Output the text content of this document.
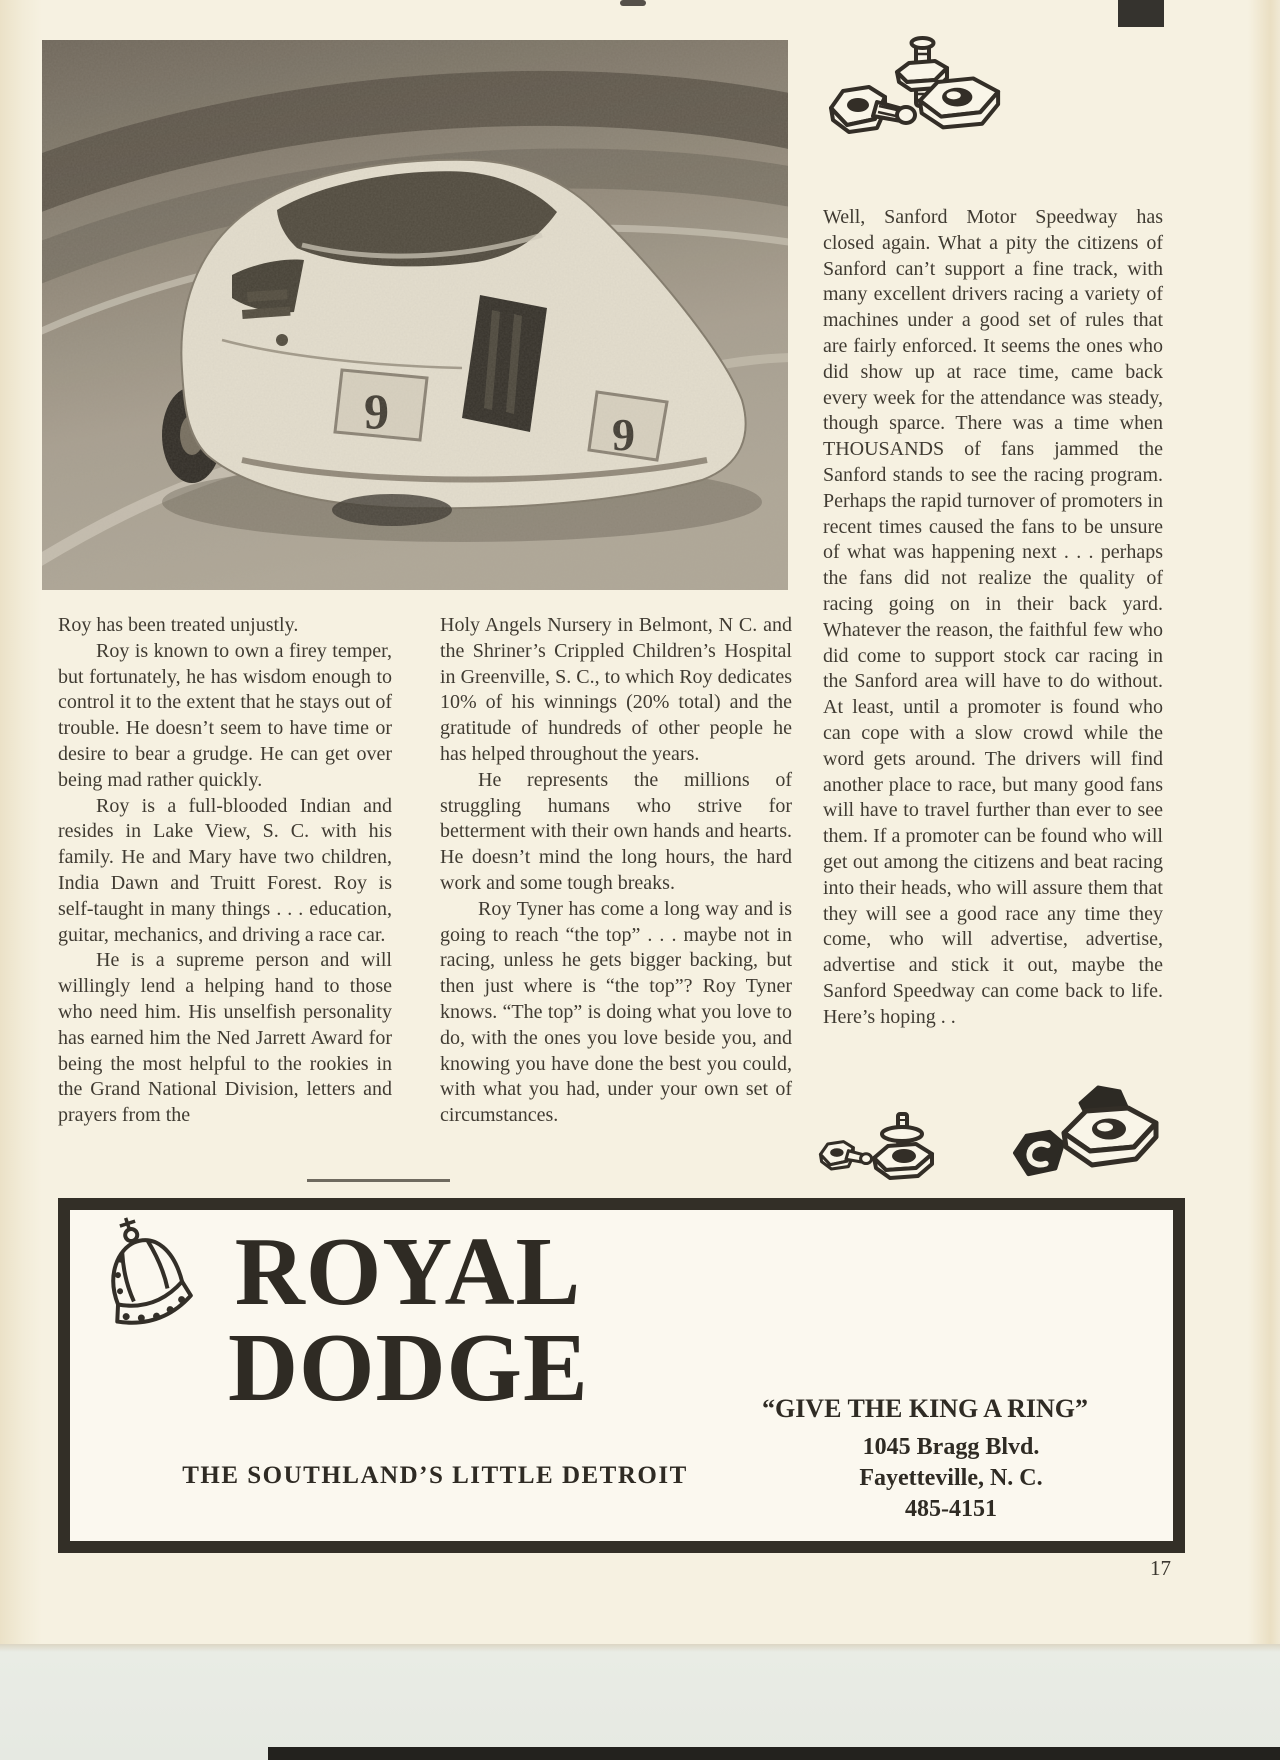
9	9

Roy has been treated unjustly.

Roy is known to own a firey temper, but fortunately, he has wisdom enough to control it to the extent that he stays out of trouble. He doesn’t seem to have time or desire to bear a grudge. He can get over being mad rather quickly.

Roy is a full-blooded Indian and resides in Lake View, S. C. with his family. He and Mary have two children, India Dawn and Truitt Forest. Roy is self-taught in many things . . . education, guitar, mechanics, and driving a race car.

He is a supreme person and will willingly lend a helping hand to those who need him. His unselfish personality has earned him the Ned Jarrett Award for being the most helpful to the rookies in the Grand National Division, letters and prayers from the

Holy Angels Nursery in Belmont, N C. and the Shriner’s Crippled Children’s Hospital in Greenville, S. C., to which Roy dedicates 10% of his winnings (20% total) and the gratitude of hundreds of other people he has helped throughout the years.

He represents the millions of struggling humans who strive for betterment with their own hands and hearts. He doesn’t mind the long hours, the hard work and some tough breaks.

Roy Tyner has come a long way and is going to reach “the top” . . . maybe not in racing, unless he gets bigger backing, but then just where is “the top”? Roy Tyner knows. “The top” is doing what you love to do, with the ones you love beside you, and knowing you have done the best you could, with what you had, under your own set of circumstances.

Well, Sanford Motor Speedway has closed again. What a pity the citizens of Sanford can’t support a fine track, with many excellent drivers racing a variety of machines under a good set of rules that are fairly enforced. It seems the ones who did show up at race time, came back every week for the attendance was steady, though sparce. There was a time when THOUSANDS of fans jammed the Sanford stands to see the racing program. Perhaps the rapid turnover of promoters in recent times caused the fans to be unsure of what was happening next . . . perhaps the fans did not realize the quality of racing going on in their back yard. Whatever the reason, the faithful few who did come to support stock car racing in the Sanford area will have to do without. At least, until a promoter is found who can cope with a slow crowd while the word gets around. The drivers will find another place to race, but many good fans will have to travel further than ever to see them. If a promoter can be found who will get out among the citizens and beat racing into their heads, who will assure them that they will see a good race any time they come, who will advertise, advertise, advertise and stick it out, maybe the Sanford Speedway can come back to life. Here’s hoping . .

ROYAL
DODGE
THE SOUTHLAND’S LITTLE DETROIT
“GIVE THE KING A RING”
1045 Bragg Blvd.
Fayetteville, N. C.
485-4151
17
